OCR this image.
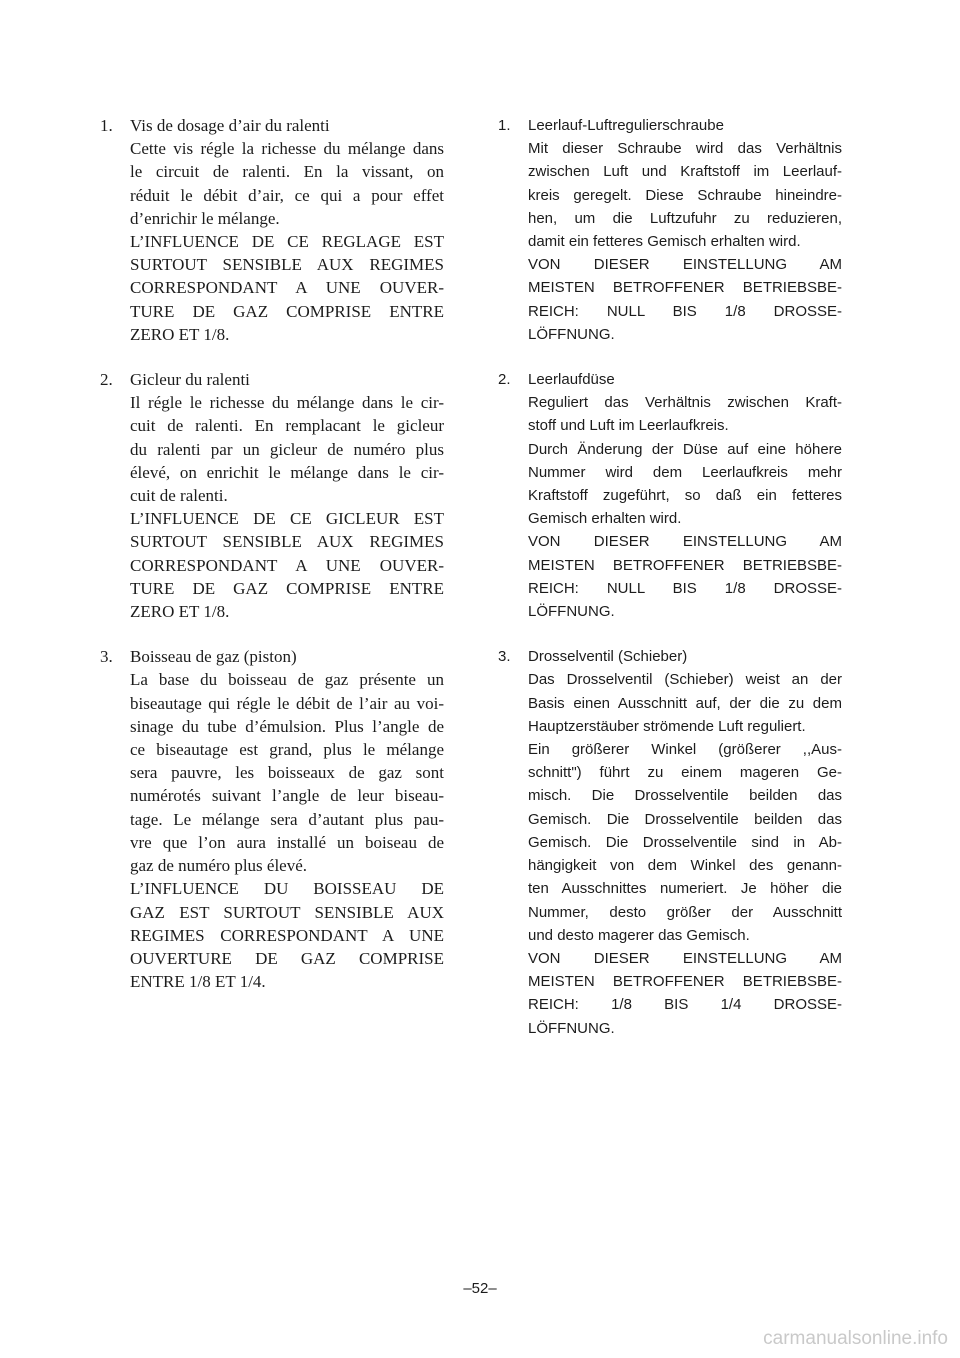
1. Vis de dosage d’air du ralenti
Cette vis régle la richesse du mélange dans
le circuit de ralenti. En la vissant, on
réduit le débit d’air, ce qui a pour effet
d’enrichir le mélange.
L’INFLUENCE DE CE REGLAGE EST
SURTOUT SENSIBLE AUX REGIMES
CORRESPONDANT A UNE OUVER-
TURE DE GAZ COMPRISE ENTRE
ZERO ET 1/8.
2. Gicleur du ralenti
Il régle le richesse du mélange dans le cir-
cuit de ralenti. En remplacant le gicleur
du ralenti par un gicleur de numéro plus
élevé, on enrichit le mélange dans le cir-
cuit de ralenti.
L’INFLUENCE DE CE GICLEUR EST
SURTOUT SENSIBLE AUX REGIMES
CORRESPONDANT A UNE OUVER-
TURE DE GAZ COMPRISE ENTRE
ZERO ET 1/8.
3. Boisseau de gaz (piston)
La base du boisseau de gaz présente un
biseautage qui régle le débit de l’air au voi-
sinage du tube d’émulsion. Plus l’angle de
ce biseautage est grand, plus le mélange
sera pauvre, les boisseaux de gaz sont
numérotés suivant l’angle de leur biseau-
tage. Le mélange sera d’autant plus pau-
vre que l’on aura installé un boiseau de
gaz de numéro plus élevé.
L’INFLUENCE DU BOISSEAU DE
GAZ EST SURTOUT SENSIBLE AUX
REGIMES CORRESPONDANT A UNE
OUVERTURE DE GAZ COMPRISE
ENTRE 1/8 ET 1/4.
1. Leerlauf-Luftregulierschraube
Mit dieser Schraube wird das Verhältnis
zwischen Luft und Kraftstoff im Leerlauf-
kreis geregelt. Diese Schraube hineindre-
hen, um die Luftzufuhr zu reduzieren,
damit ein fetteres Gemisch erhalten wird.
VON DIESER EINSTELLUNG AM
MEISTEN BETROFFENER BETRIEBSBE-
REICH: NULL BIS 1/8 DROSSE-
LÖFFNUNG.
2. Leerlaufdüse
Reguliert das Verhältnis zwischen Kraft-
stoff und Luft im Leerlaufkreis.
Durch Änderung der Düse auf eine höhere
Nummer wird dem Leerlaufkreis mehr
Kraftstoff zugeführt, so daß ein fetteres
Gemisch erhalten wird.
VON DIESER EINSTELLUNG AM
MEISTEN BETROFFENER BETRIEBSBE-
REICH: NULL BIS 1/8 DROSSE-
LÖFFNUNG.
3. Drosselventil (Schieber)
Das Drosselventil (Schieber) weist an der
Basis einen Ausschnitt auf, der die zu dem
Hauptzerstäuber strömende Luft reguliert.
Ein größerer Winkel (größerer ,,Aus-
schnitt") führt zu einem mageren Ge-
misch. Die Drosselventile beilden das
Gemisch. Die Drosselventile beilden das
Gemisch. Die Drosselventile sind in Ab-
hängigkeit von dem Winkel des genann-
ten Ausschnittes numeriert. Je höher die
Nummer, desto größer der Ausschnitt
und desto magerer das Gemisch.
VON DIESER EINSTELLUNG AM
MEISTEN BETROFFENER BETRIEBSBE-
REICH: 1/8 BIS 1/4 DROSSE-
LÖFFNUNG.
–52–
carmanualsonline.info
